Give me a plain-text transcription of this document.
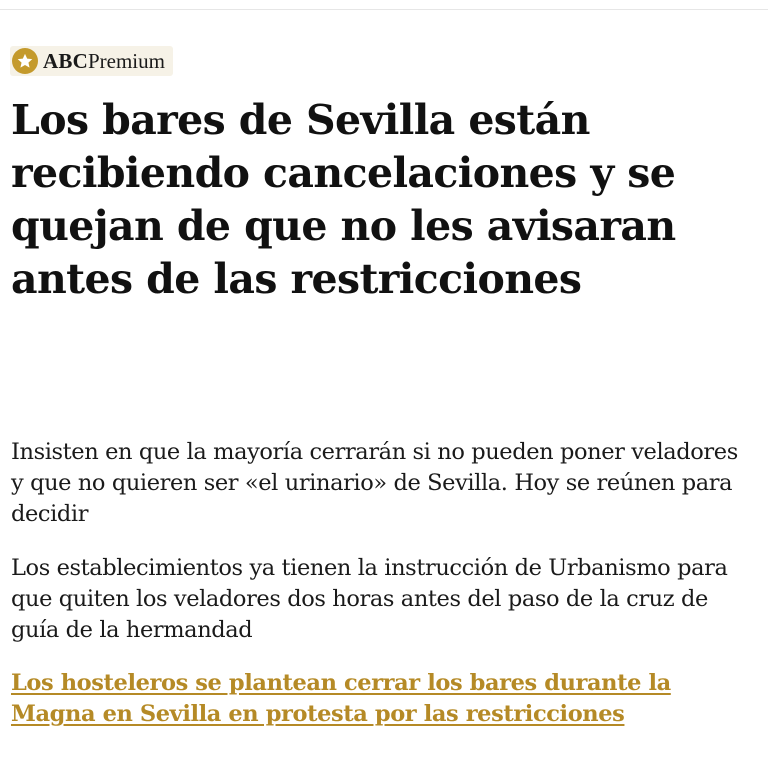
ABC Premium
Los bares de Sevilla están recibiendo cancelaciones y se quejan de que no les avisaran antes de las restricciones

Insisten en que la mayoría cerrarán si no pueden poner veladores y que no quieren ser «el urinario» de Sevilla. Hoy se reúnen para decidir

Los establecimientos ya tienen la instrucción de Urbanismo para que quiten los veladores dos horas antes del paso de la cruz de guía de la hermandad

Los hosteleros se plantean cerrar los bares durante la Magna en Sevilla en protesta por las restricciones
